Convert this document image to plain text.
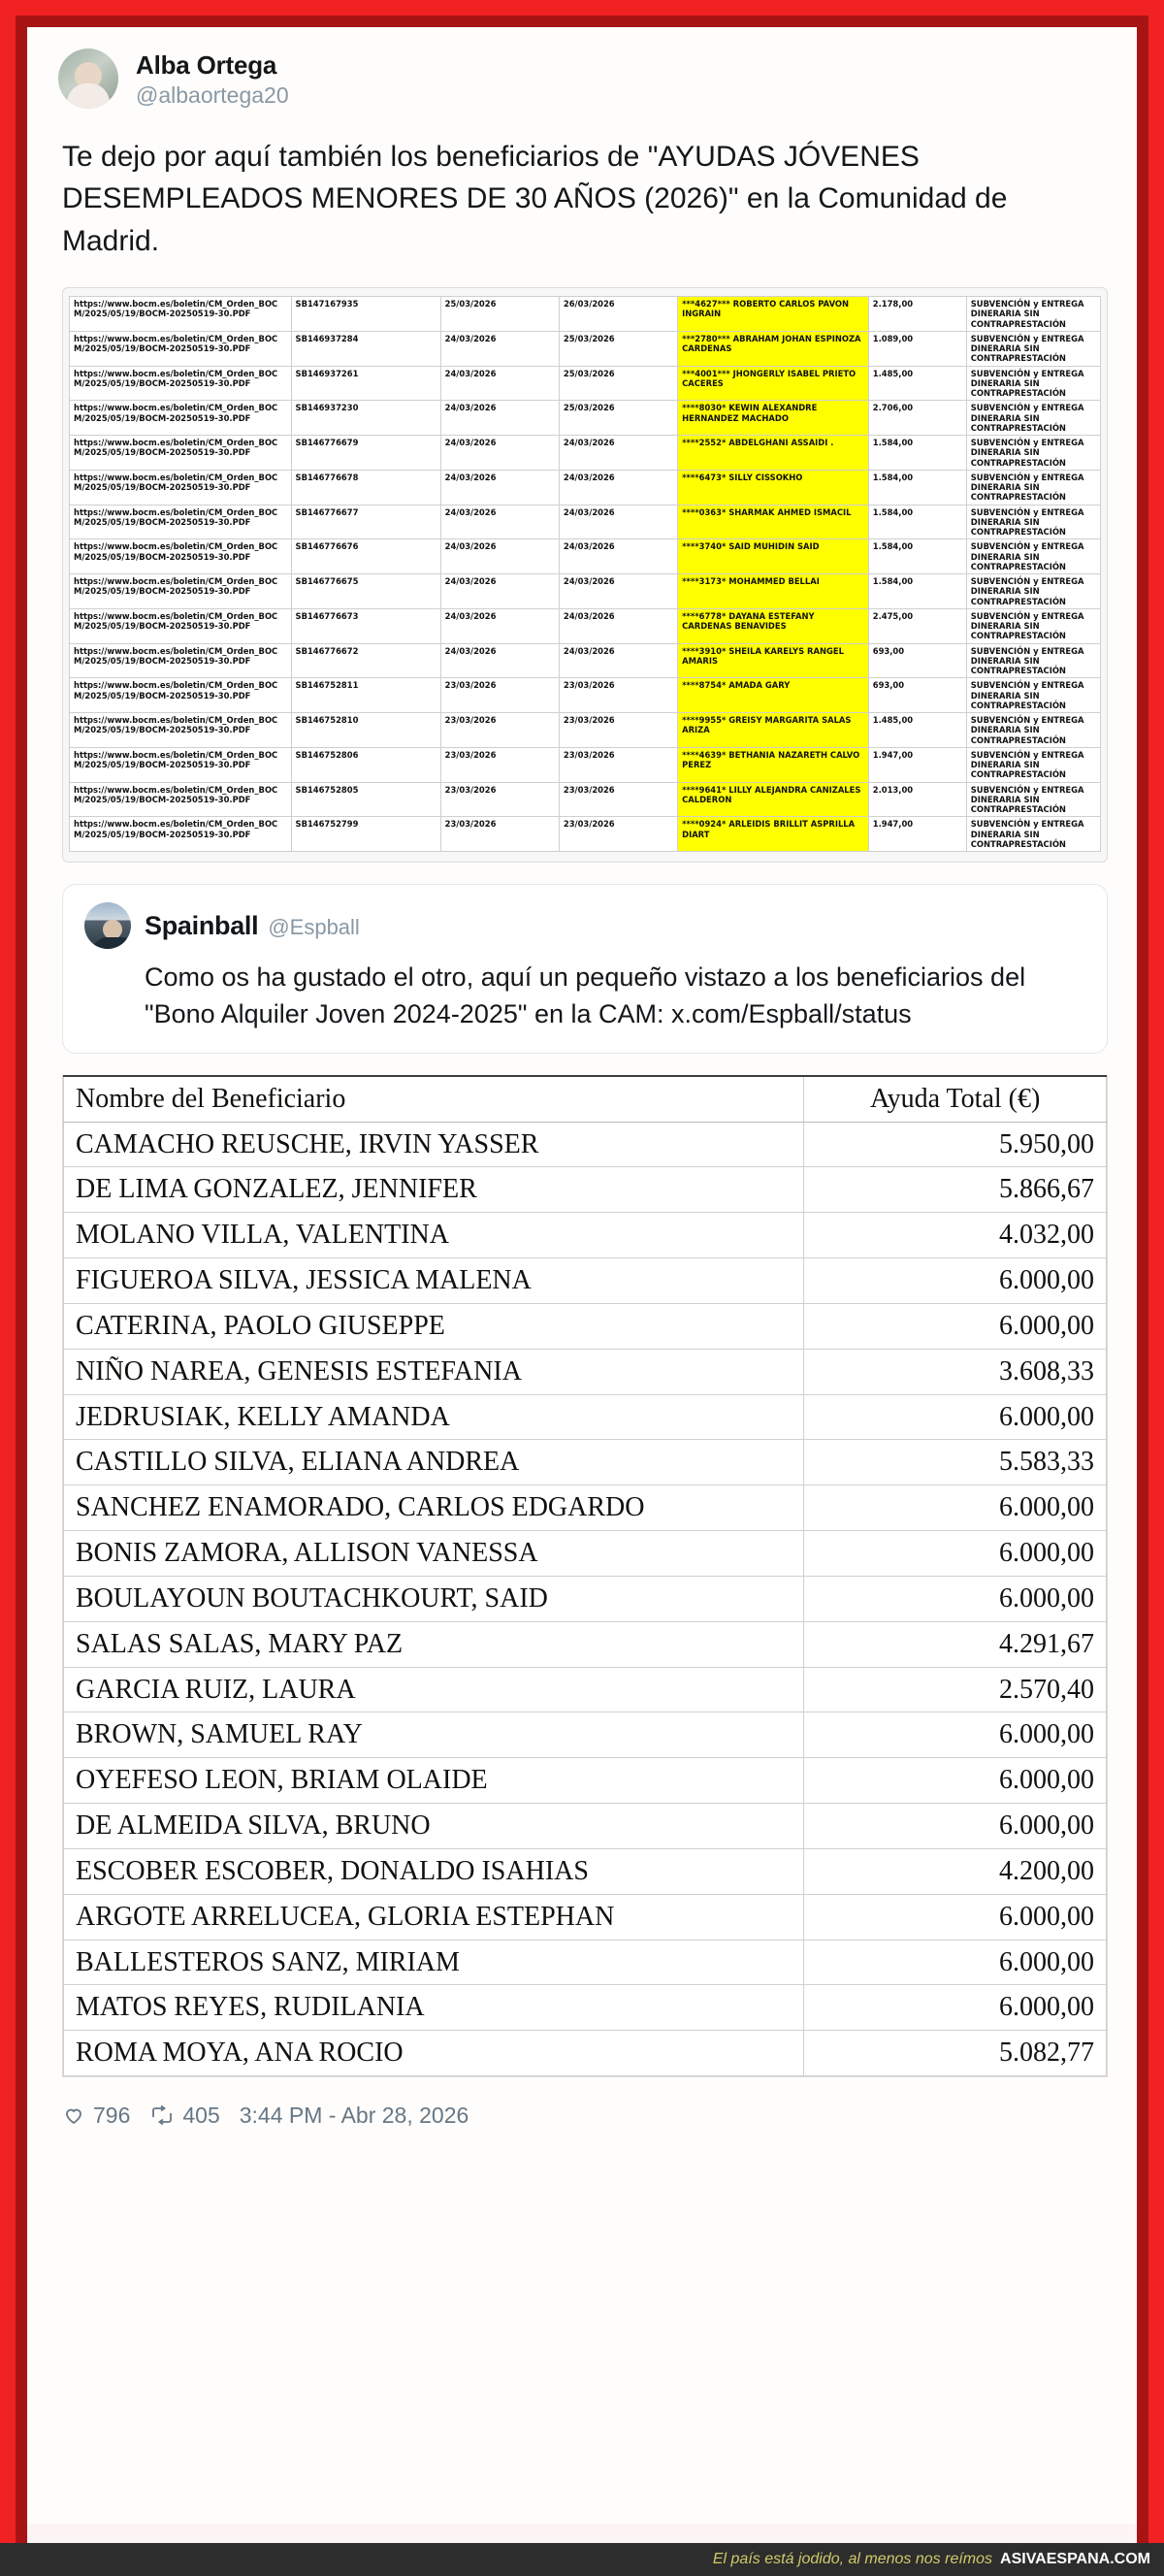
Alba Ortega
@albaortega20
Te dejo por aquí también los beneficiarios de "AYUDAS JÓVENES DESEMPLEADOS MENORES DE 30 AÑOS (2026)" en la Comunidad de Madrid.
https://www.bocm.es/boletin/CM_Orden_BOCM/2025/05/19/BOCM-20250519-30.PDF	SB147167935	25/03/2026	26/03/2026	***4627*** ROBERTO CARLOS PAVON INGRAIN	2.178,00	SUBVENCIÓN y ENTREGA DINERARIA SIN CONTRAPRESTACIÓN
https://www.bocm.es/boletin/CM_Orden_BOCM/2025/05/19/BOCM-20250519-30.PDF	SB146937284	24/03/2026	25/03/2026	***2780*** ABRAHAM JOHAN ESPINOZA CARDENAS	1.089,00	SUBVENCIÓN y ENTREGA DINERARIA SIN CONTRAPRESTACIÓN
https://www.bocm.es/boletin/CM_Orden_BOCM/2025/05/19/BOCM-20250519-30.PDF	SB146937261	24/03/2026	25/03/2026	***4001*** JHONGERLY ISABEL PRIETO CACERES	1.485,00	SUBVENCIÓN y ENTREGA DINERARIA SIN CONTRAPRESTACIÓN
https://www.bocm.es/boletin/CM_Orden_BOCM/2025/05/19/BOCM-20250519-30.PDF	SB146937230	24/03/2026	25/03/2026	****8030* KEWIN ALEXANDRE HERNANDEZ MACHADO	2.706,00	SUBVENCIÓN y ENTREGA DINERARIA SIN CONTRAPRESTACIÓN
https://www.bocm.es/boletin/CM_Orden_BOCM/2025/05/19/BOCM-20250519-30.PDF	SB146776679	24/03/2026	24/03/2026	****2552* ABDELGHANI ASSAIDI .	1.584,00	SUBVENCIÓN y ENTREGA DINERARIA SIN CONTRAPRESTACIÓN
https://www.bocm.es/boletin/CM_Orden_BOCM/2025/05/19/BOCM-20250519-30.PDF	SB146776678	24/03/2026	24/03/2026	****6473* SILLY CISSOKHO	1.584,00	SUBVENCIÓN y ENTREGA DINERARIA SIN CONTRAPRESTACIÓN
https://www.bocm.es/boletin/CM_Orden_BOCM/2025/05/19/BOCM-20250519-30.PDF	SB146776677	24/03/2026	24/03/2026	****0363* SHARMAK AHMED ISMACIL	1.584,00	SUBVENCIÓN y ENTREGA DINERARIA SIN CONTRAPRESTACIÓN
https://www.bocm.es/boletin/CM_Orden_BOCM/2025/05/19/BOCM-20250519-30.PDF	SB146776676	24/03/2026	24/03/2026	****3740* SAID MUHIDIN SAID	1.584,00	SUBVENCIÓN y ENTREGA DINERARIA SIN CONTRAPRESTACIÓN
https://www.bocm.es/boletin/CM_Orden_BOCM/2025/05/19/BOCM-20250519-30.PDF	SB146776675	24/03/2026	24/03/2026	****3173* MOHAMMED BELLAI	1.584,00	SUBVENCIÓN y ENTREGA DINERARIA SIN CONTRAPRESTACIÓN
https://www.bocm.es/boletin/CM_Orden_BOCM/2025/05/19/BOCM-20250519-30.PDF	SB146776673	24/03/2026	24/03/2026	****6778* DAYANA ESTEFANY CARDENAS BENAVIDES	2.475,00	SUBVENCIÓN y ENTREGA DINERARIA SIN CONTRAPRESTACIÓN
https://www.bocm.es/boletin/CM_Orden_BOCM/2025/05/19/BOCM-20250519-30.PDF	SB146776672	24/03/2026	24/03/2026	****3910* SHEILA KARELYS RANGEL AMARIS	693,00	SUBVENCIÓN y ENTREGA DINERARIA SIN CONTRAPRESTACIÓN
https://www.bocm.es/boletin/CM_Orden_BOCM/2025/05/19/BOCM-20250519-30.PDF	SB146752811	23/03/2026	23/03/2026	****8754* AMADA GARY	693,00	SUBVENCIÓN y ENTREGA DINERARIA SIN CONTRAPRESTACIÓN
https://www.bocm.es/boletin/CM_Orden_BOCM/2025/05/19/BOCM-20250519-30.PDF	SB146752810	23/03/2026	23/03/2026	****9955* GREISY MARGARITA SALAS ARIZA	1.485,00	SUBVENCIÓN y ENTREGA DINERARIA SIN CONTRAPRESTACIÓN
https://www.bocm.es/boletin/CM_Orden_BOCM/2025/05/19/BOCM-20250519-30.PDF	SB146752806	23/03/2026	23/03/2026	****4639* BETHANIA NAZARETH CALVO PEREZ	1.947,00	SUBVENCIÓN y ENTREGA DINERARIA SIN CONTRAPRESTACIÓN
https://www.bocm.es/boletin/CM_Orden_BOCM/2025/05/19/BOCM-20250519-30.PDF	SB146752805	23/03/2026	23/03/2026	****9641* LILLY ALEJANDRA CANIZALES CALDERON	2.013,00	SUBVENCIÓN y ENTREGA DINERARIA SIN CONTRAPRESTACIÓN
https://www.bocm.es/boletin/CM_Orden_BOCM/2025/05/19/BOCM-20250519-30.PDF	SB146752799	23/03/2026	23/03/2026	****0924* ARLEIDIS BRILLIT ASPRILLA DIART	1.947,00	SUBVENCIÓN y ENTREGA DINERARIA SIN CONTRAPRESTACIÓN
Spainball @Espball
Como os ha gustado el otro, aquí un pequeño vistazo a los beneficiarios del "Bono Alquiler Joven 2024-2025" en la CAM: x.com/Espball/status
Nombre del Beneficiario	Ayuda Total (€)
CAMACHO REUSCHE, IRVIN YASSER	5.950,00
DE LIMA GONZALEZ, JENNIFER	5.866,67
MOLANO VILLA, VALENTINA	4.032,00
FIGUEROA SILVA, JESSICA MALENA	6.000,00
CATERINA, PAOLO GIUSEPPE	6.000,00
NIÑO NAREA, GENESIS ESTEFANIA	3.608,33
JEDRUSIAK, KELLY AMANDA	6.000,00
CASTILLO SILVA, ELIANA ANDREA	5.583,33
SANCHEZ ENAMORADO, CARLOS EDGARDO	6.000,00
BONIS ZAMORA, ALLISON VANESSA	6.000,00
BOULAYOUN BOUTACHKOURT, SAID	6.000,00
SALAS SALAS, MARY PAZ	4.291,67
GARCIA RUIZ, LAURA	2.570,40
BROWN, SAMUEL RAY	6.000,00
OYEFESO LEON, BRIAM OLAIDE	6.000,00
DE ALMEIDA SILVA, BRUNO	6.000,00
ESCOBER ESCOBER, DONALDO ISAHIAS	4.200,00
ARGOTE ARRELUCEA, GLORIA ESTEPHAN	6.000,00
BALLESTEROS SANZ, MIRIAM	6.000,00
MATOS REYES, RUDILANIA	6.000,00
ROMA MOYA, ANA ROCIO	5.082,77
796 405 3:44 PM - Abr 28, 2026
El país está jodido, al menos nos reímos ASIVAESPANA.COM
